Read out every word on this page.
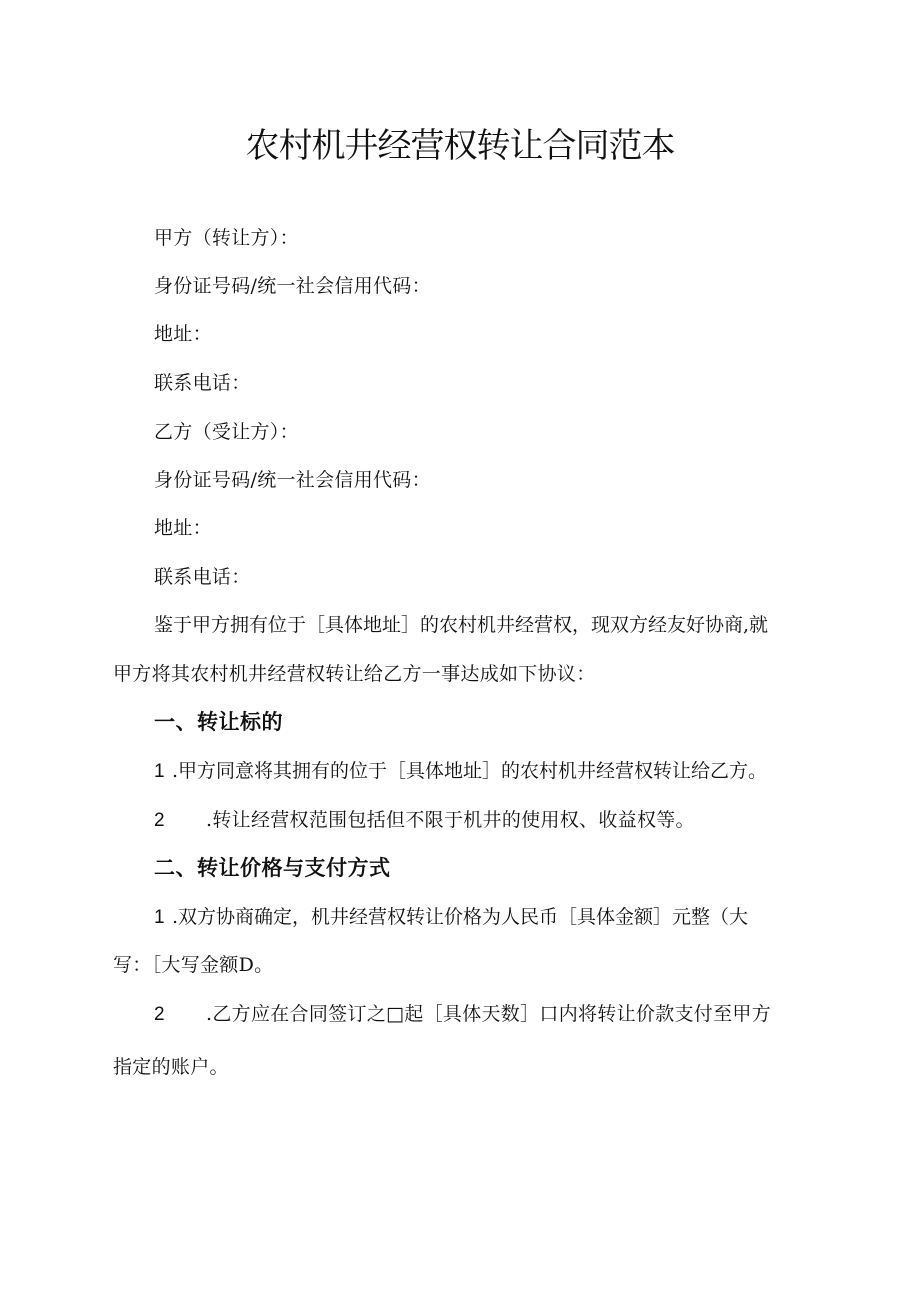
农村机井经营权转让合同范本

甲方（转让方）：

身份证号码/统一社会信用代码：

地址：

联系电话：

乙方（受让方）：

身份证号码/统一社会信用代码：

地址：

联系电话：

鉴于甲方拥有位于［具体地址］的农村机井经营权，现双方经友好协商,就

甲方将其农村机井经营权转让给乙方一事达成如下协议：

一、转让标的

1 .甲方同意将其拥有的位于［具体地址］的农村机井经营权转让给乙方。

2 .转让经营权范围包括但不限于机井的使用权、收益权等。

二、转让价格与支付方式

1 .双方协商确定，机井经营权转让价格为人民币［具体金额］元整（大

写：［大写金额D。

2 .乙方应在合同签订之□起［具体天数］口内将转让价款支付至甲方

指定的账户。
